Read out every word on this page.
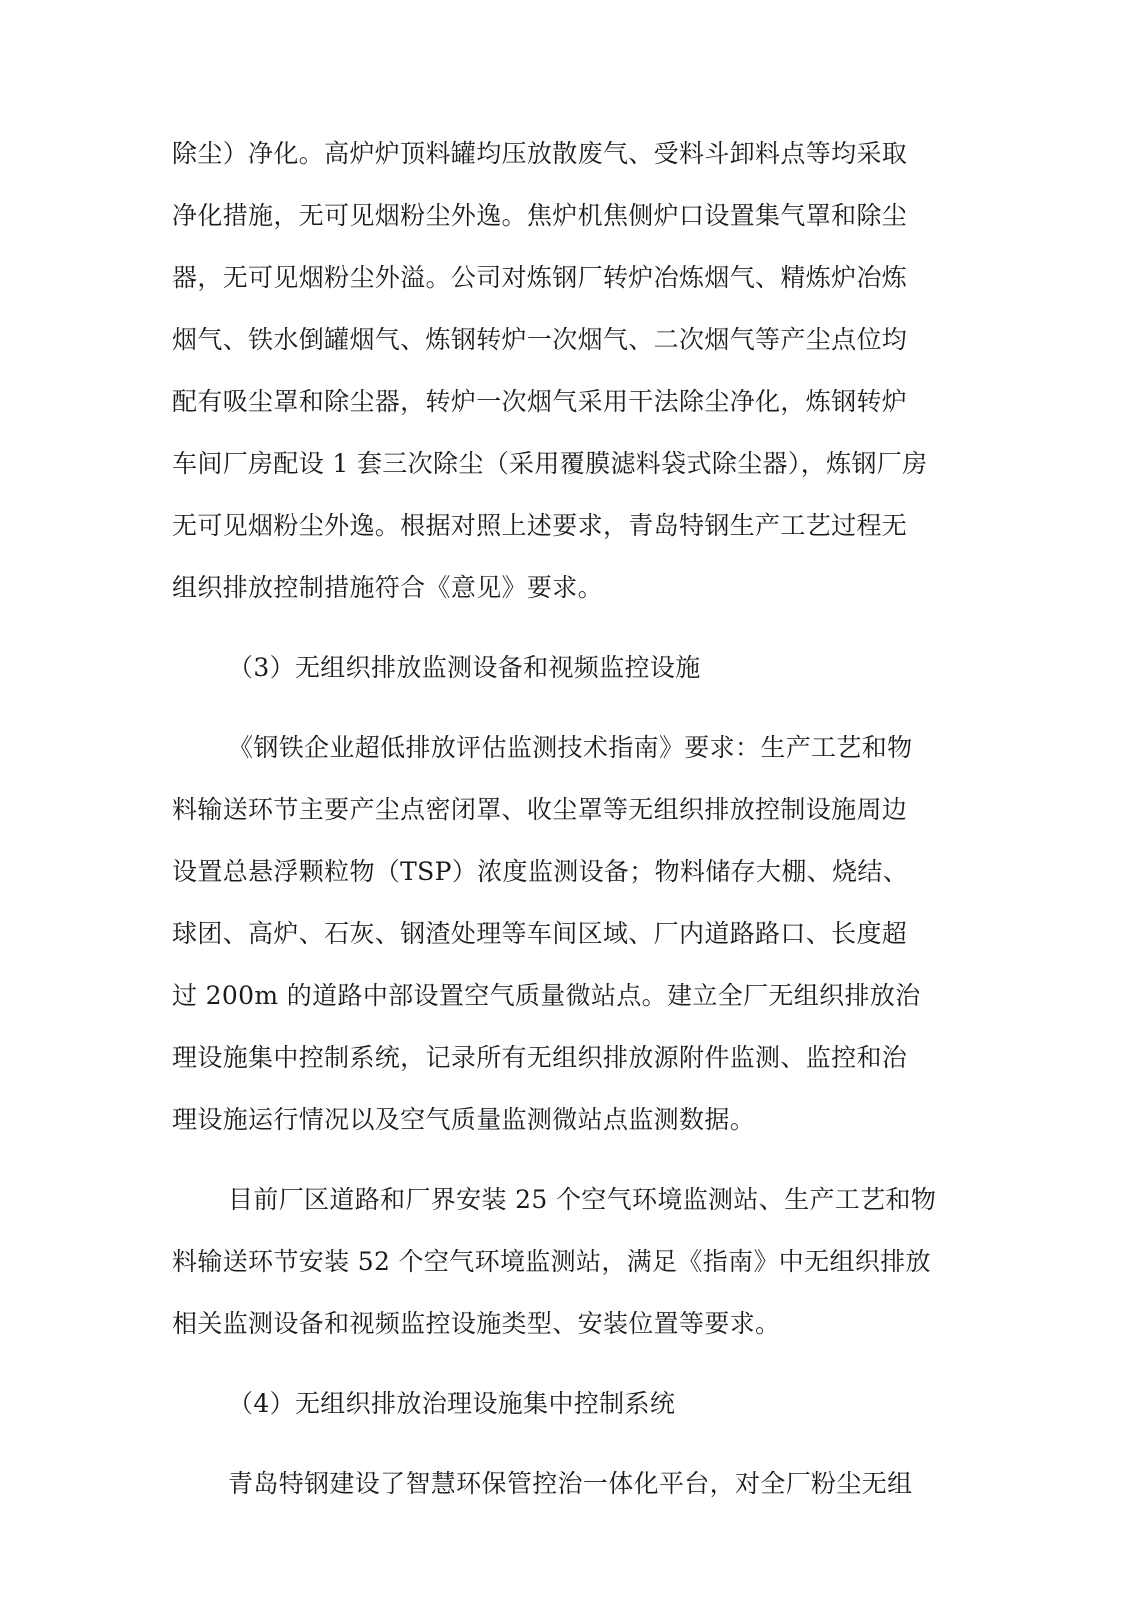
除尘）净化。高炉炉顶料罐均压放散废气、受料斗卸料点等均采取
净化措施，无可见烟粉尘外逸。焦炉机焦侧炉口设置集气罩和除尘
器，无可见烟粉尘外溢。公司对炼钢厂转炉冶炼烟气、精炼炉冶炼
烟气、铁水倒罐烟气、炼钢转炉一次烟气、二次烟气等产尘点位均
配有吸尘罩和除尘器，转炉一次烟气采用干法除尘净化，炼钢转炉
车间厂房配设 1 套三次除尘（采用覆膜滤料袋式除尘器），炼钢厂房
无可见烟粉尘外逸。根据对照上述要求，青岛特钢生产工艺过程无
组织排放控制措施符合《意见》要求。
（3）无组织排放监测设备和视频监控设施
《钢铁企业超低排放评估监测技术指南》要求：生产工艺和物
料输送环节主要产尘点密闭罩、收尘罩等无组织排放控制设施周边
设置总悬浮颗粒物（TSP）浓度监测设备；物料储存大棚、烧结、
球团、高炉、石灰、钢渣处理等车间区域、厂内道路路口、长度超
过 200m 的道路中部设置空气质量微站点。建立全厂无组织排放治
理设施集中控制系统，记录所有无组织排放源附件监测、监控和治
理设施运行情况以及空气质量监测微站点监测数据。
目前厂区道路和厂界安装 25 个空气环境监测站、生产工艺和物
料输送环节安装 52 个空气环境监测站，满足《指南》中无组织排放
相关监测设备和视频监控设施类型、安装位置等要求。
（4）无组织排放治理设施集中控制系统
青岛特钢建设了智慧环保管控治一体化平台，对全厂粉尘无组
